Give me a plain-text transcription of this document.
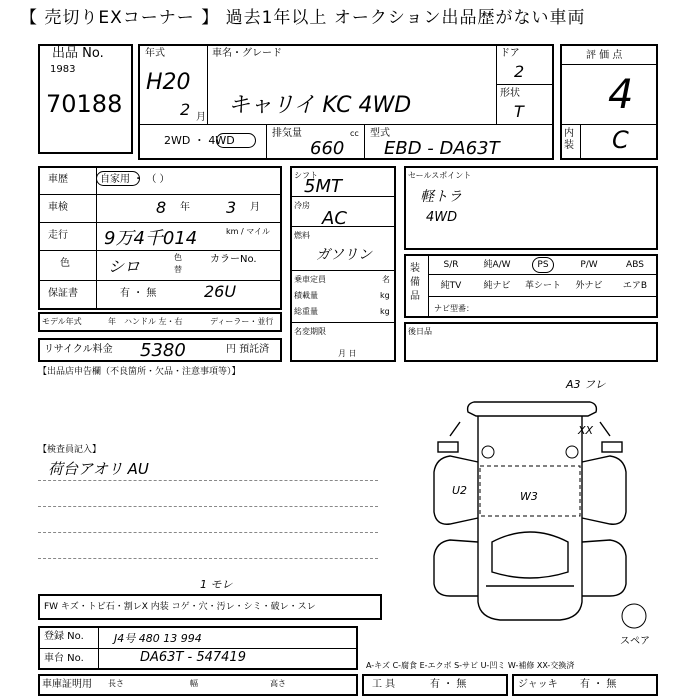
【 売切りEXコーナー 】 過去1年以上 オークション出品歴がない車両
出品 No.
1983
70188
年式
H20
2 月
車名・グレード
キャリイ KC 4WD
ドア
2
形状
T
2WD ・ 4WD
排気量	cc
660
型式
EBD - DA63T
評 価 点
4
内 装 C
車歴	自家用 ・ （ ）
車検	8 年 3 月
走行 9万4千014	km / マイル
色 シロ	色替
カラーNo.
保証書	有 ・ 無	26U
モデル年式	年 ハンドル 左・右	ディーラー・並行
リサイクル料金 5380	円 預託済
シフト
5MT
冷房
AC
燃料
ガソリン
乗車定員	名
積載量	kg
総重量	kg
名変期限
月 日
セールスポイント
軽トラ
4WD
装備品
S/R	純A/W	PS	P/W	ABS
純TV	純ナビ	革シート	外ナビ	エアB
ナビ型番：
後日品
【出品店申告欄（不良箇所・欠品・注意事項等）】
【検査員記入】
荷台アオリ AU
A3 フレ
XX
U2	W3
スペア
1 モレ
FW キズ・トビ石・割レX 内装 コゲ・穴・汚レ・シミ・破レ・スレ
登録 No.	J4号 480 13 994
車台 No.	DA63T - 547419
A-キズ C-腐食 E-エクボ S-サビ U-凹ミ W-補修 XX-交換済
車庫証明用 長さ	幅	高さ	工 具	有 ・ 無	ジャッキ 有 ・ 無
